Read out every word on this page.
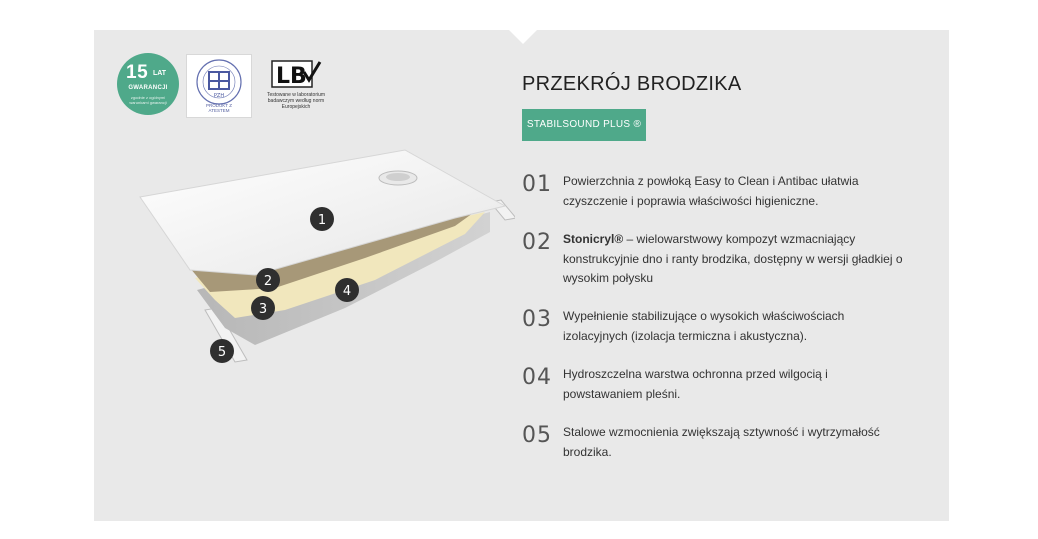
15 LAT
GWARANCJI
zgodnie z ogólnymi warunkami gwarancji
PZH
PRODUKT Z ATESTEM
LB
Testowane w laboratorium badawczym według norm Europejskich
1
2
3
4
5
PRZEKRÓJ BRODZIKA
STABILSOUND PLUS ®
01 Powierzchnia z powłoką Easy to Clean i Antibac ułatwia czyszczenie i poprawia właściwości higieniczne.
02 Stonicryl® – wielowarstwowy kompozyt wzmacniający konstrukcyjnie dno i ranty brodzika, dostępny w wersji gładkiej o wysokim połysku
03 Wypełnienie stabilizujące o wysokich właściwościach izolacyjnych (izolacja termiczna i akustyczna).
04 Hydroszczelna warstwa ochronna przed wilgocią i powstawaniem pleśni.
05 Stalowe wzmocnienia zwiększają sztywność i wytrzymałość brodzika.
